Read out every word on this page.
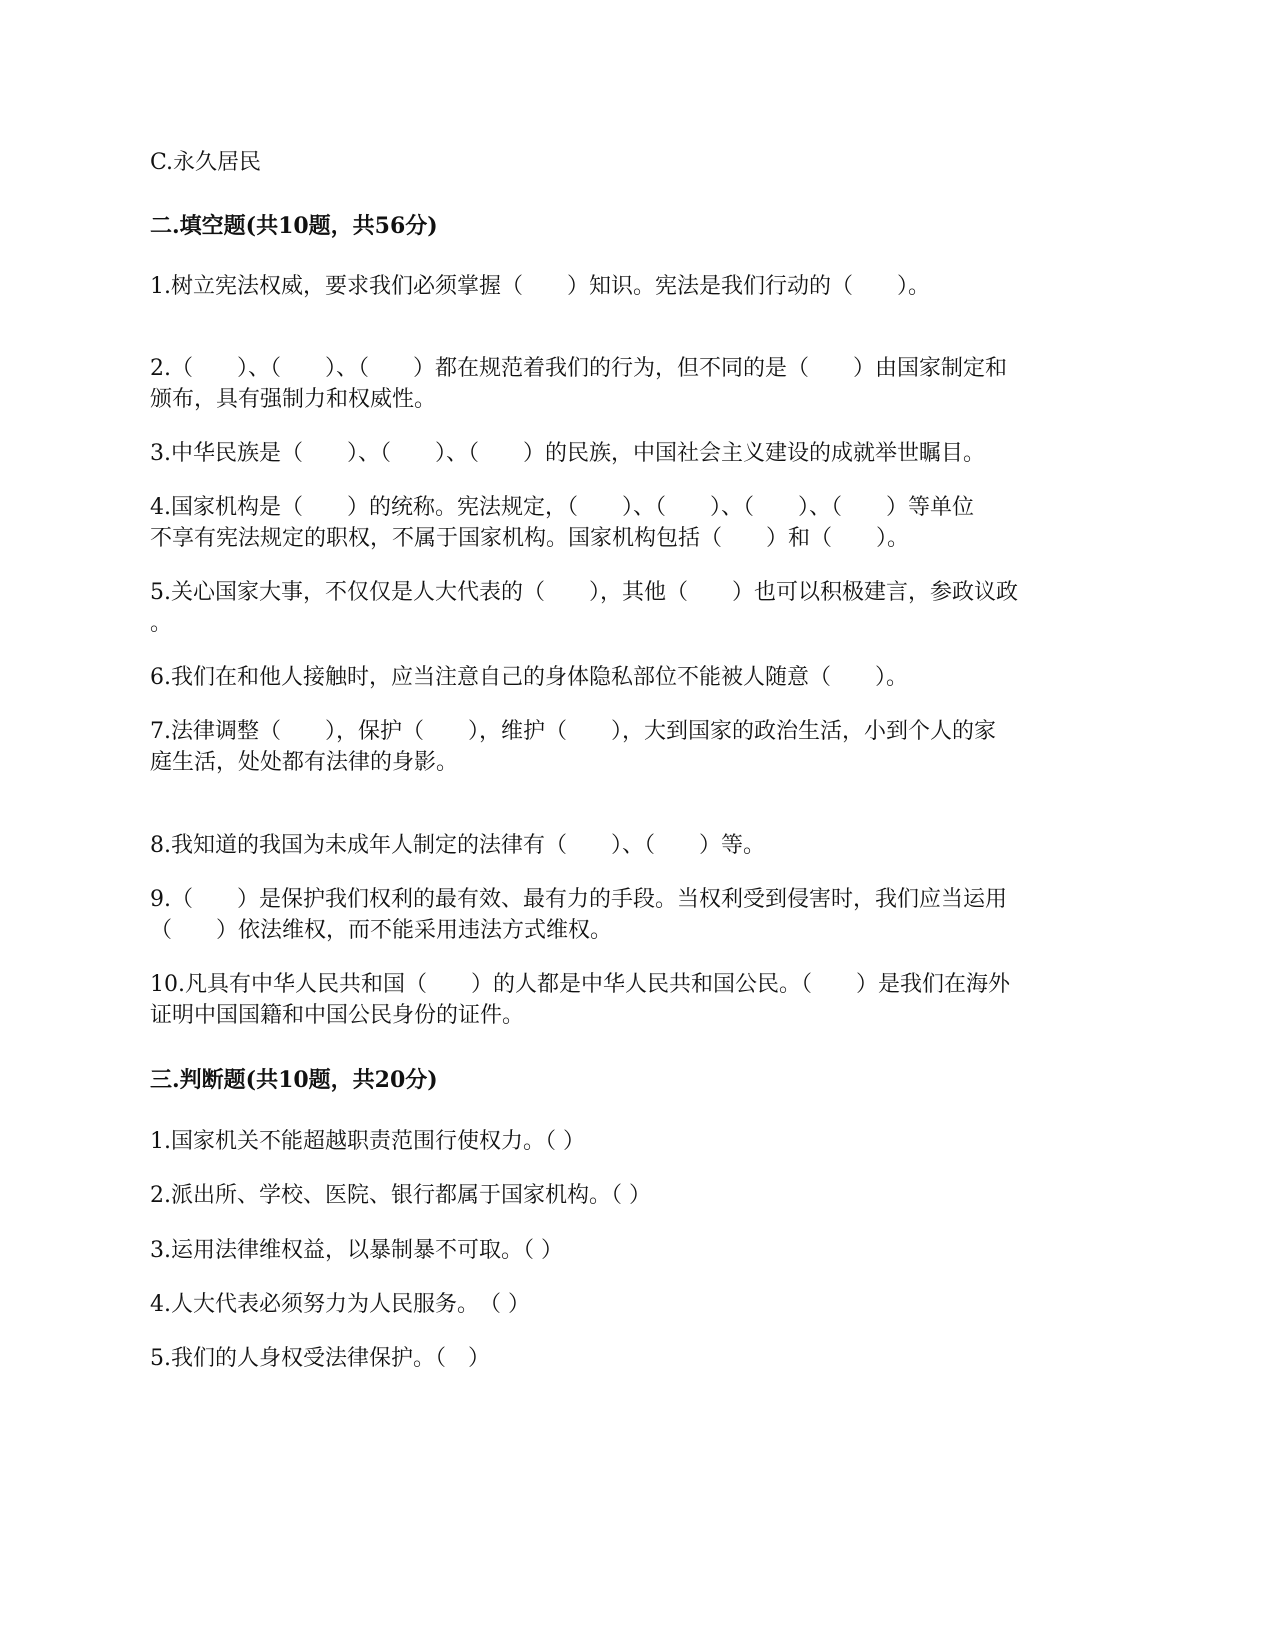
C.永久居民
二.填空题(共10题，共56分)
1.树立宪法权威，要求我们必须掌握（　　）知识。宪法是我们行动的（　　）。
2.（　　）、（　　）、（　　）都在规范着我们的行为，但不同的是（　　）由国家制定和
颁布，具有强制力和权威性。
3.中华民族是（　　）、（　　）、（　　）的民族，中国社会主义建设的成就举世瞩目。
4.国家机构是（　　）的统称。宪法规定，（　　）、（　　）、（　　）、（　　）等单位
不享有宪法规定的职权，不属于国家机构。国家机构包括（　　）和（　　）。
5.关心国家大事，不仅仅是人大代表的（　　），其他（　　）也可以积极建言，参政议政
。
6.我们在和他人接触时，应当注意自己的身体隐私部位不能被人随意（　　）。
7.法律调整（　　），保护（　　），维护（　　），大到国家的政治生活，小到个人的家
庭生活，处处都有法律的身影。
8.我知道的我国为未成年人制定的法律有（　　）、（　　）等。
9.（　　）是保护我们权利的最有效、最有力的手段。当权利受到侵害时，我们应当运用
（　　）依法维权，而不能采用违法方式维权。
10.凡具有中华人民共和国（　　）的人都是中华人民共和国公民。（　　）是我们在海外
证明中国国籍和中国公民身份的证件。
三.判断题(共10题，共20分)
1.国家机关不能超越职责范围行使权力。（ ）
2.派出所、学校、医院、银行都属于国家机构。（ ）
3.运用法律维权益，以暴制暴不可取。（ ）
4.人大代表必须努力为人民服务。　（ ）
5.我们的人身权受法律保护。（　）
